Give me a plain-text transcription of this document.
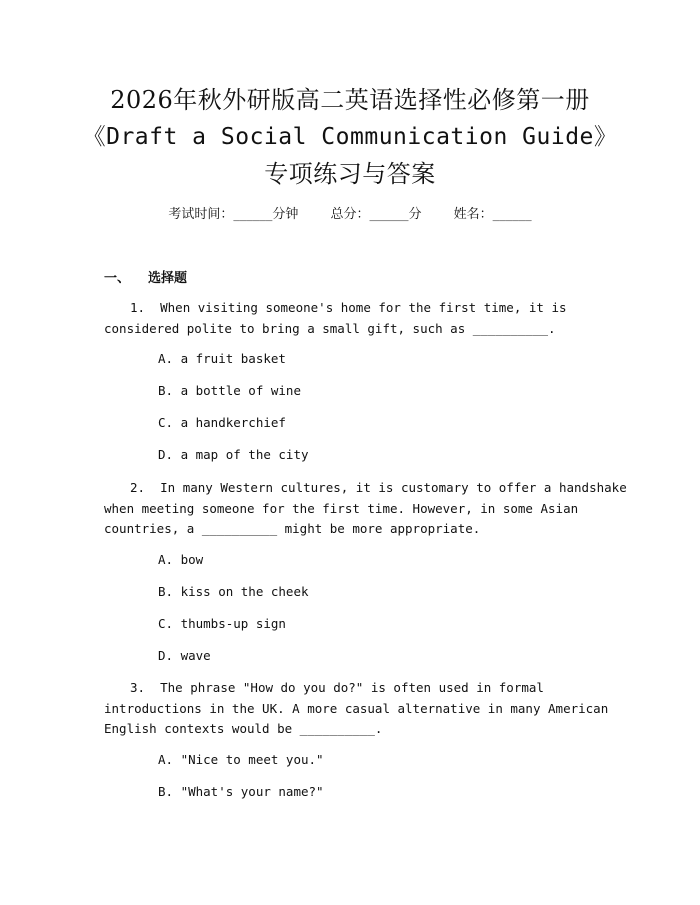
2026年秋外研版高二英语选择性必修第一册
《Draft a Social Communication Guide》
专项练习与答案
考试时间：______分钟 总分：______分 姓名：______
一、 选择题
1. When visiting someone's home for the first time, it is
considered polite to bring a small gift, such as __________.
A. a fruit basket
B. a bottle of wine
C. a handkerchief
D. a map of the city
2. In many Western cultures, it is customary to offer a handshake
when meeting someone for the first time. However, in some Asian
countries, a __________ might be more appropriate.
A. bow
B. kiss on the cheek
C. thumbs-up sign
D. wave
3. The phrase "How do you do?" is often used in formal
introductions in the UK. A more casual alternative in many American
English contexts would be __________.
A. "Nice to meet you."
B. "What's your name?"
